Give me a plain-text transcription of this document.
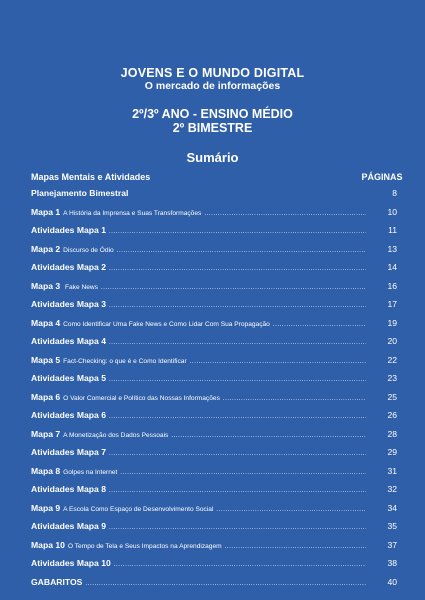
JOVENS E O MUNDO DIGITAL
O mercado de informações
2º/3º ANO - ENSINO MÉDIO
2º BIMESTRE
Sumário
Mapas Mentais e Atividades	PÁGINAS
Planejamento Bimestral	8
Mapa 1 A História da Imprensa e Suas Transformações .....	10
Atividades Mapa 1 .....	11
Mapa 2 Discurso de Ódio .....	13
Atividades Mapa 2 .....	14
Mapa 3 Fake News .....	16
Atividades Mapa 3 .....	17
Mapa 4 Como Identificar Uma Fake News e Como Lidar Com Sua Propagação .....	19
Atividades Mapa 4 .....	20
Mapa 5 Fact-Checking: o que é e Como Identificar .....	22
Atividades Mapa 5 .....	23
Mapa 6 O Valor Comercial e Político das Nossas Informações .....	25
Atividades Mapa 6 .....	26
Mapa 7 A Monetização dos Dados Pessoais .....	28
Atividades Mapa 7 .....	29
Mapa 8 Golpes na Internet .....	31
Atividades Mapa 8 .....	32
Mapa 9 A Escola Como Espaço de Desenvolvimento Social .....	34
Atividades Mapa 9 .....	35
Mapa 10 O Tempo de Tela e Seus Impactos na Aprendizagem .....	37
Atividades Mapa 10 .....	38
GABARITOS .....	40
